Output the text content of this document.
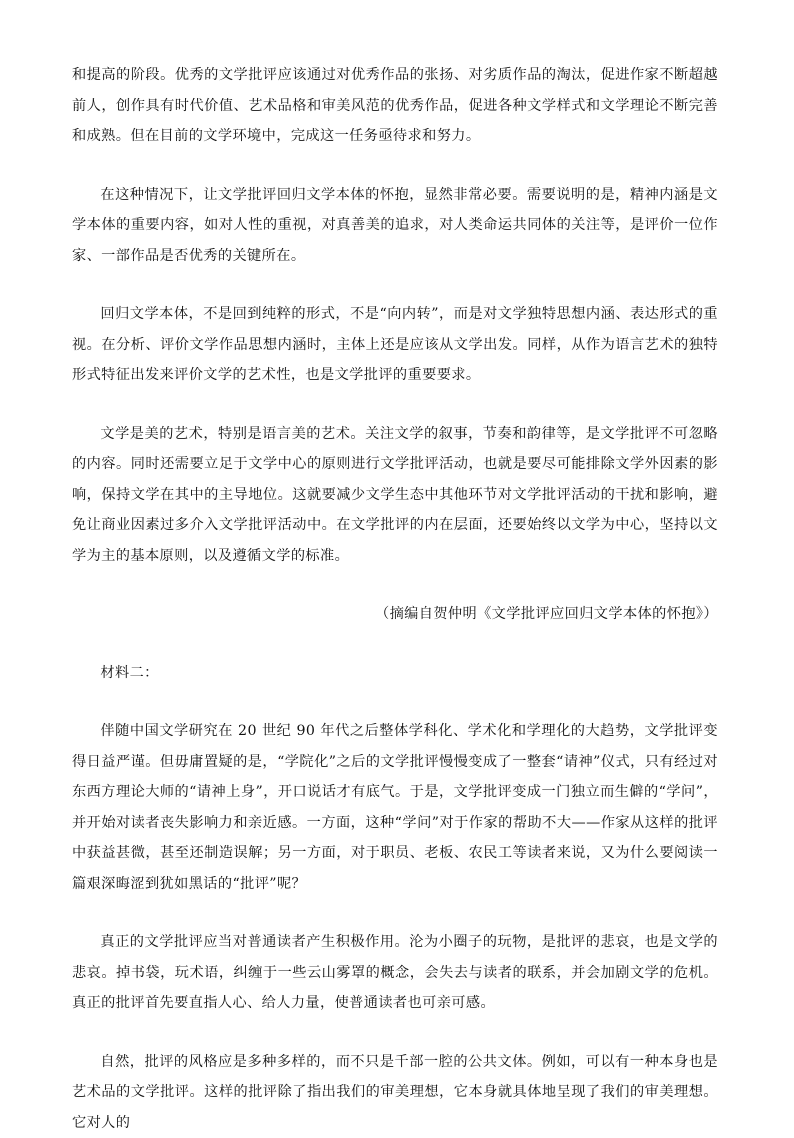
和提高的阶段。优秀的文学批评应该通过对优秀作品的张扬、对劣质作品的淘汰，促进作家不断超越前人，创作具有时代价值、艺术品格和审美风范的优秀作品，促进各种文学样式和文学理论不断完善和成熟。但在目前的文学环境中，完成这一任务亟待求和努力。

在这种情况下，让文学批评回归文学本体的怀抱，显然非常必要。需要说明的是，精神内涵是文学本体的重要内容，如对人性的重视，对真善美的追求，对人类命运共同体的关注等，是评价一位作家、一部作品是否优秀的关键所在。

回归文学本体，不是回到纯粹的形式，不是“向内转”，而是对文学独特思想内涵、表达形式的重视。在分析、评价文学作品思想内涵时，主体上还是应该从文学出发。同样，从作为语言艺术的独特形式特征出发来评价文学的艺术性，也是文学批评的重要要求。

文学是美的艺术，特别是语言美的艺术。关注文学的叙事，节奏和韵律等，是文学批评不可忽略的内容。同时还需要立足于文学中心的原则进行文学批评活动，也就是要尽可能排除文学外因素的影响，保持文学在其中的主导地位。这就要减少文学生态中其他环节对文学批评活动的干扰和影响，避免让商业因素过多介入文学批评活动中。在文学批评的内在层面，还要始终以文学为中心，坚持以文学为主的基本原则，以及遵循文学的标准。

（摘编自贺仲明《文学批评应回归文学本体的怀抱》）

材料二：

伴随中国文学研究在 20 世纪 90 年代之后整体学科化、学术化和学理化的大趋势，文学批评变得日益严谨。但毋庸置疑的是，“学院化”之后的文学批评慢慢变成了一整套“请神”仪式，只有经过对东西方理论大师的“请神上身”，开口说话才有底气。于是，文学批评变成一门独立而生僻的“学问”，并开始对读者丧失影响力和亲近感。一方面，这种“学问”对于作家的帮助不大——作家从这样的批评中获益甚微，甚至还制造误解；另一方面，对于职员、老板、农民工等读者来说，又为什么要阅读一篇艰深晦涩到犹如黑话的“批评”呢？

真正的文学批评应当对普通读者产生积极作用。沦为小圈子的玩物，是批评的悲哀，也是文学的悲哀。掉书袋，玩术语，纠缠于一些云山雾罩的概念，会失去与读者的联系，并会加剧文学的危机。真正的批评首先要直指人心、给人力量，使普通读者也可亲可感。

自然，批评的风格应是多种多样的，而不只是千部一腔的公共文体。例如，可以有一种本身也是艺术品的文学批评。这样的批评除了指出我们的审美理想，它本身就具体地呈现了我们的审美理想。它对人的
